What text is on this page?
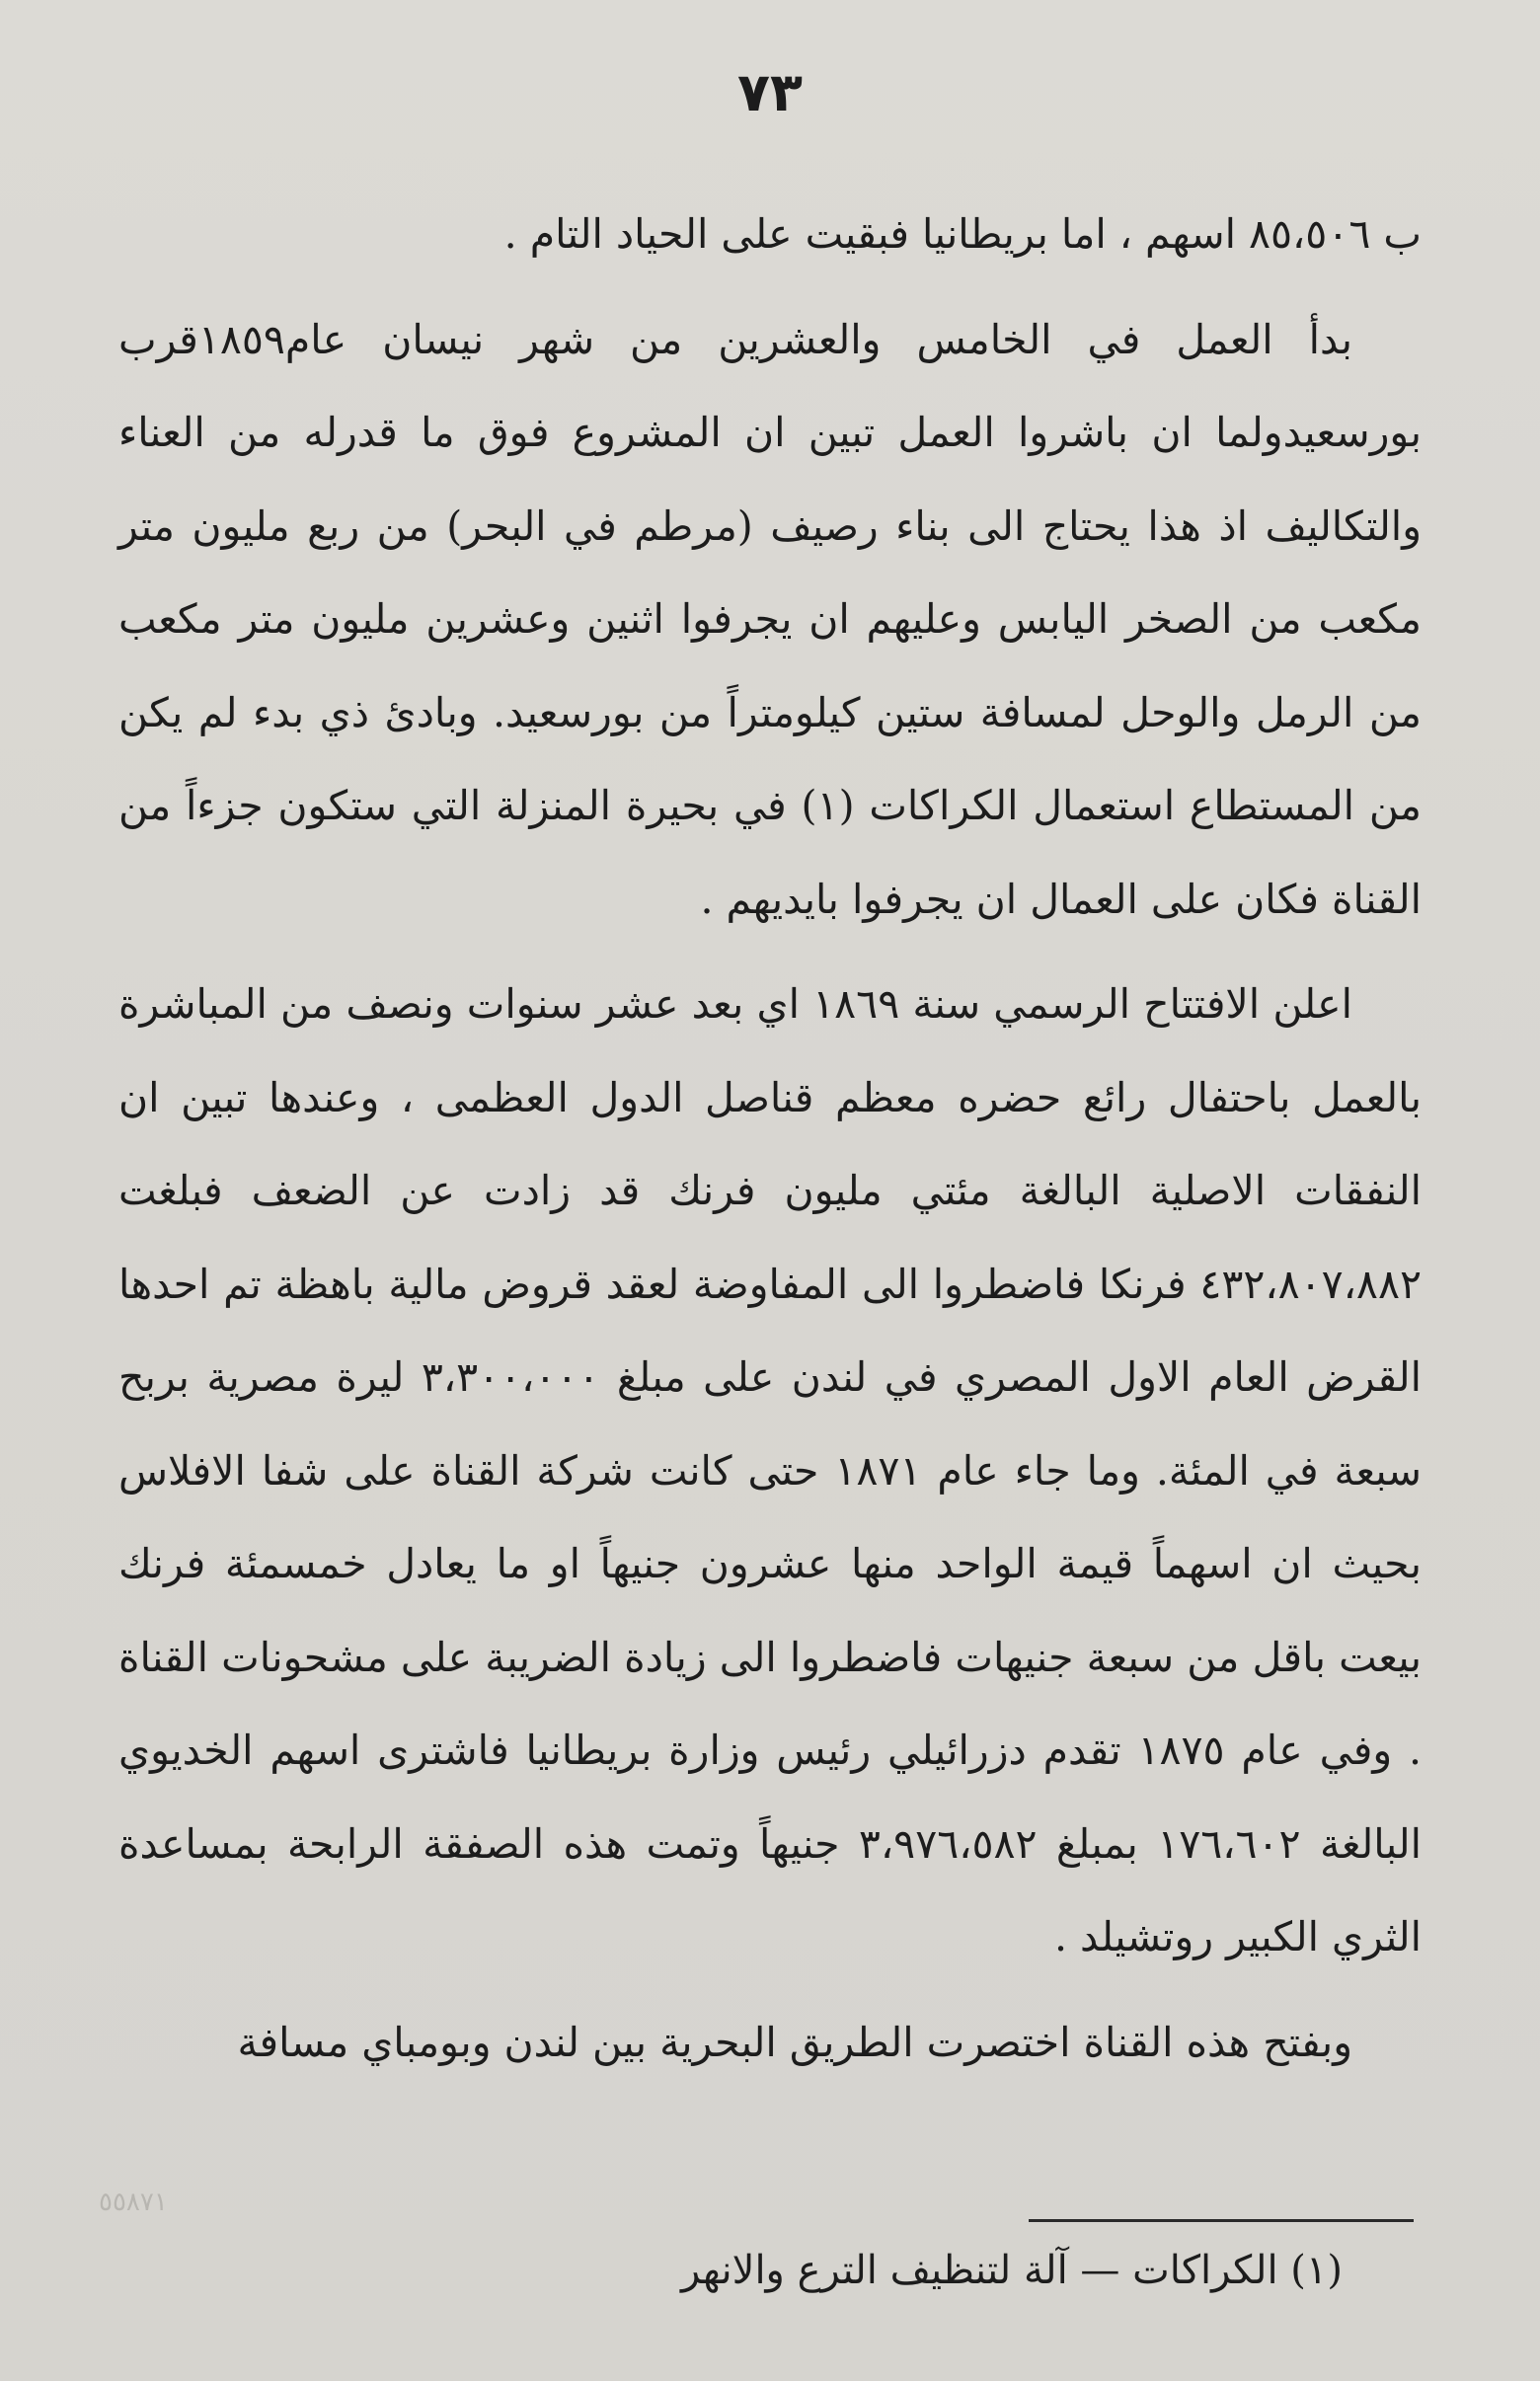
٧٣

ب ٨٥،٥٠٦ اسهم ، اما بريطانيا فبقيت على الحياد التام .

بدأ العمل في الخامس والعشرين من شهر نيسان عام١٨٥٩قرب بورسعيدولما ان باشروا العمل تبين ان المشروع فوق ما قدرله من العناء والتكاليف اذ هذا يحتاج الى بناء رصيف (مرطم في البحر) من ربع مليون متر مكعب من الصخر اليابس وعليهم ان يجرفوا اثنين وعشرين مليون متر مكعب من الرمل والوحل لمسافة ستين كيلومتراً من بورسعيد. وبادئ ذي بدء لم يكن من المستطاع استعمال الكراكات (١) في بحيرة المنزلة التي ستكون جزءاً من القناة فكان على العمال ان يجرفوا بايديهم .

اعلن الافتتاح الرسمي سنة ١٨٦٩ اي بعد عشر سنوات ونصف من المباشرة بالعمل باحتفال رائع حضره معظم قناصل الدول العظمى ، وعندها تبين ان النفقات الاصلية البالغة مئتي مليون فرنك قد زادت عن الضعف فبلغت ٤٣٢،٨٠٧،٨٨٢ فرنكا فاضطروا الى المفاوضة لعقد قروض مالية باهظة تم احدها القرض العام الاول المصري في لندن على مبلغ ٣،٣٠٠،٠٠٠ ليرة مصرية بربح سبعة في المئة. وما جاء عام ١٨٧١ حتى كانت شركة القناة على شفا الافلاس بحيث ان اسهماً قيمة الواحد منها عشرون جنيهاً او ما يعادل خمسمئة فرنك بيعت باقل من سبعة جنيهات فاضطروا الى زيادة الضريبة على مشحونات القناة . وفي عام ١٨٧٥ تقدم دزرائيلي رئيس وزارة بريطانيا فاشترى اسهم الخديوي البالغة ١٧٦،٦٠٢ بمبلغ ٣،٩٧٦،٥٨٢ جنيهاً وتمت هذه الصفقة الرابحة بمساعدة الثري الكبير روتشيلد .

وبفتح هذه القناة اختصرت الطريق البحرية بين لندن وبومباي مسافة

٥٥٨٧١
(١) الكراكات — آلة لتنظيف الترع والانهر
